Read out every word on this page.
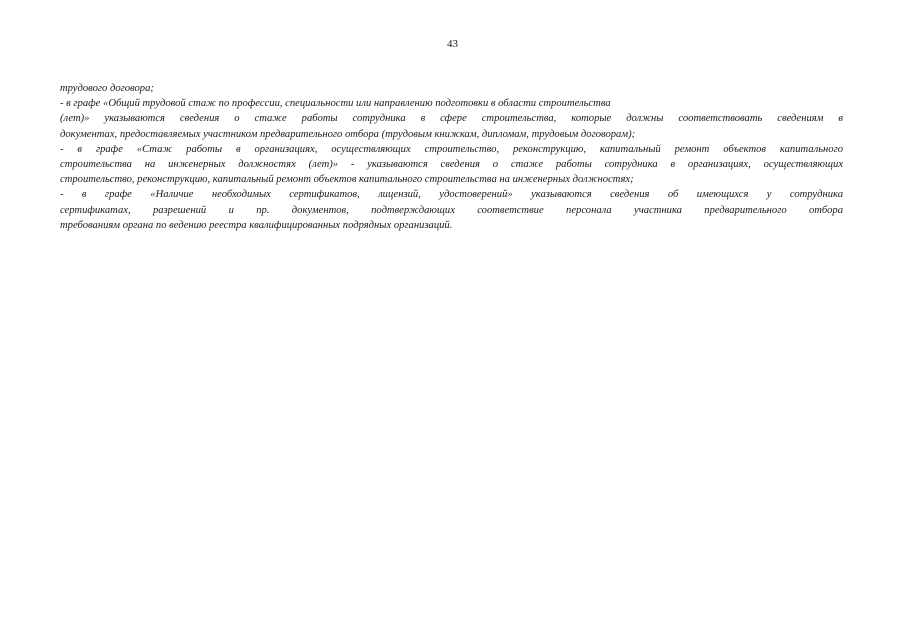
43
трудового договора;
- в графе «Общий трудовой стаж по профессии, специальности или направлению подготовки в области строительства
(лет)» указываются сведения о стаже работы сотрудника в сфере строительства, которые должны соответствовать сведениям в
документах, предоставляемых участником предварительного отбора (трудовым книжкам, дипломам, трудовым договорам);
- в графе «Стаж работы в организациях, осуществляющих строительство, реконструкцию, капитальный ремонт объектов капитального
строительства на инженерных должностях (лет)» - указываются сведения о стаже работы сотрудника в организациях, осуществляющих
строительство, реконструкцию, капитальный ремонт объектов капитального строительства на инженерных должностях;
- в графе «Наличие необходимых сертификатов, лицензий, удостоверений» указываются сведения об имеющихся у сотрудника
сертификатах, разрешений и пр. документов, подтверждающих соответствие персонала участника предварительного отбора
требованиям органа по ведению реестра квалифицированных подрядных организаций.
